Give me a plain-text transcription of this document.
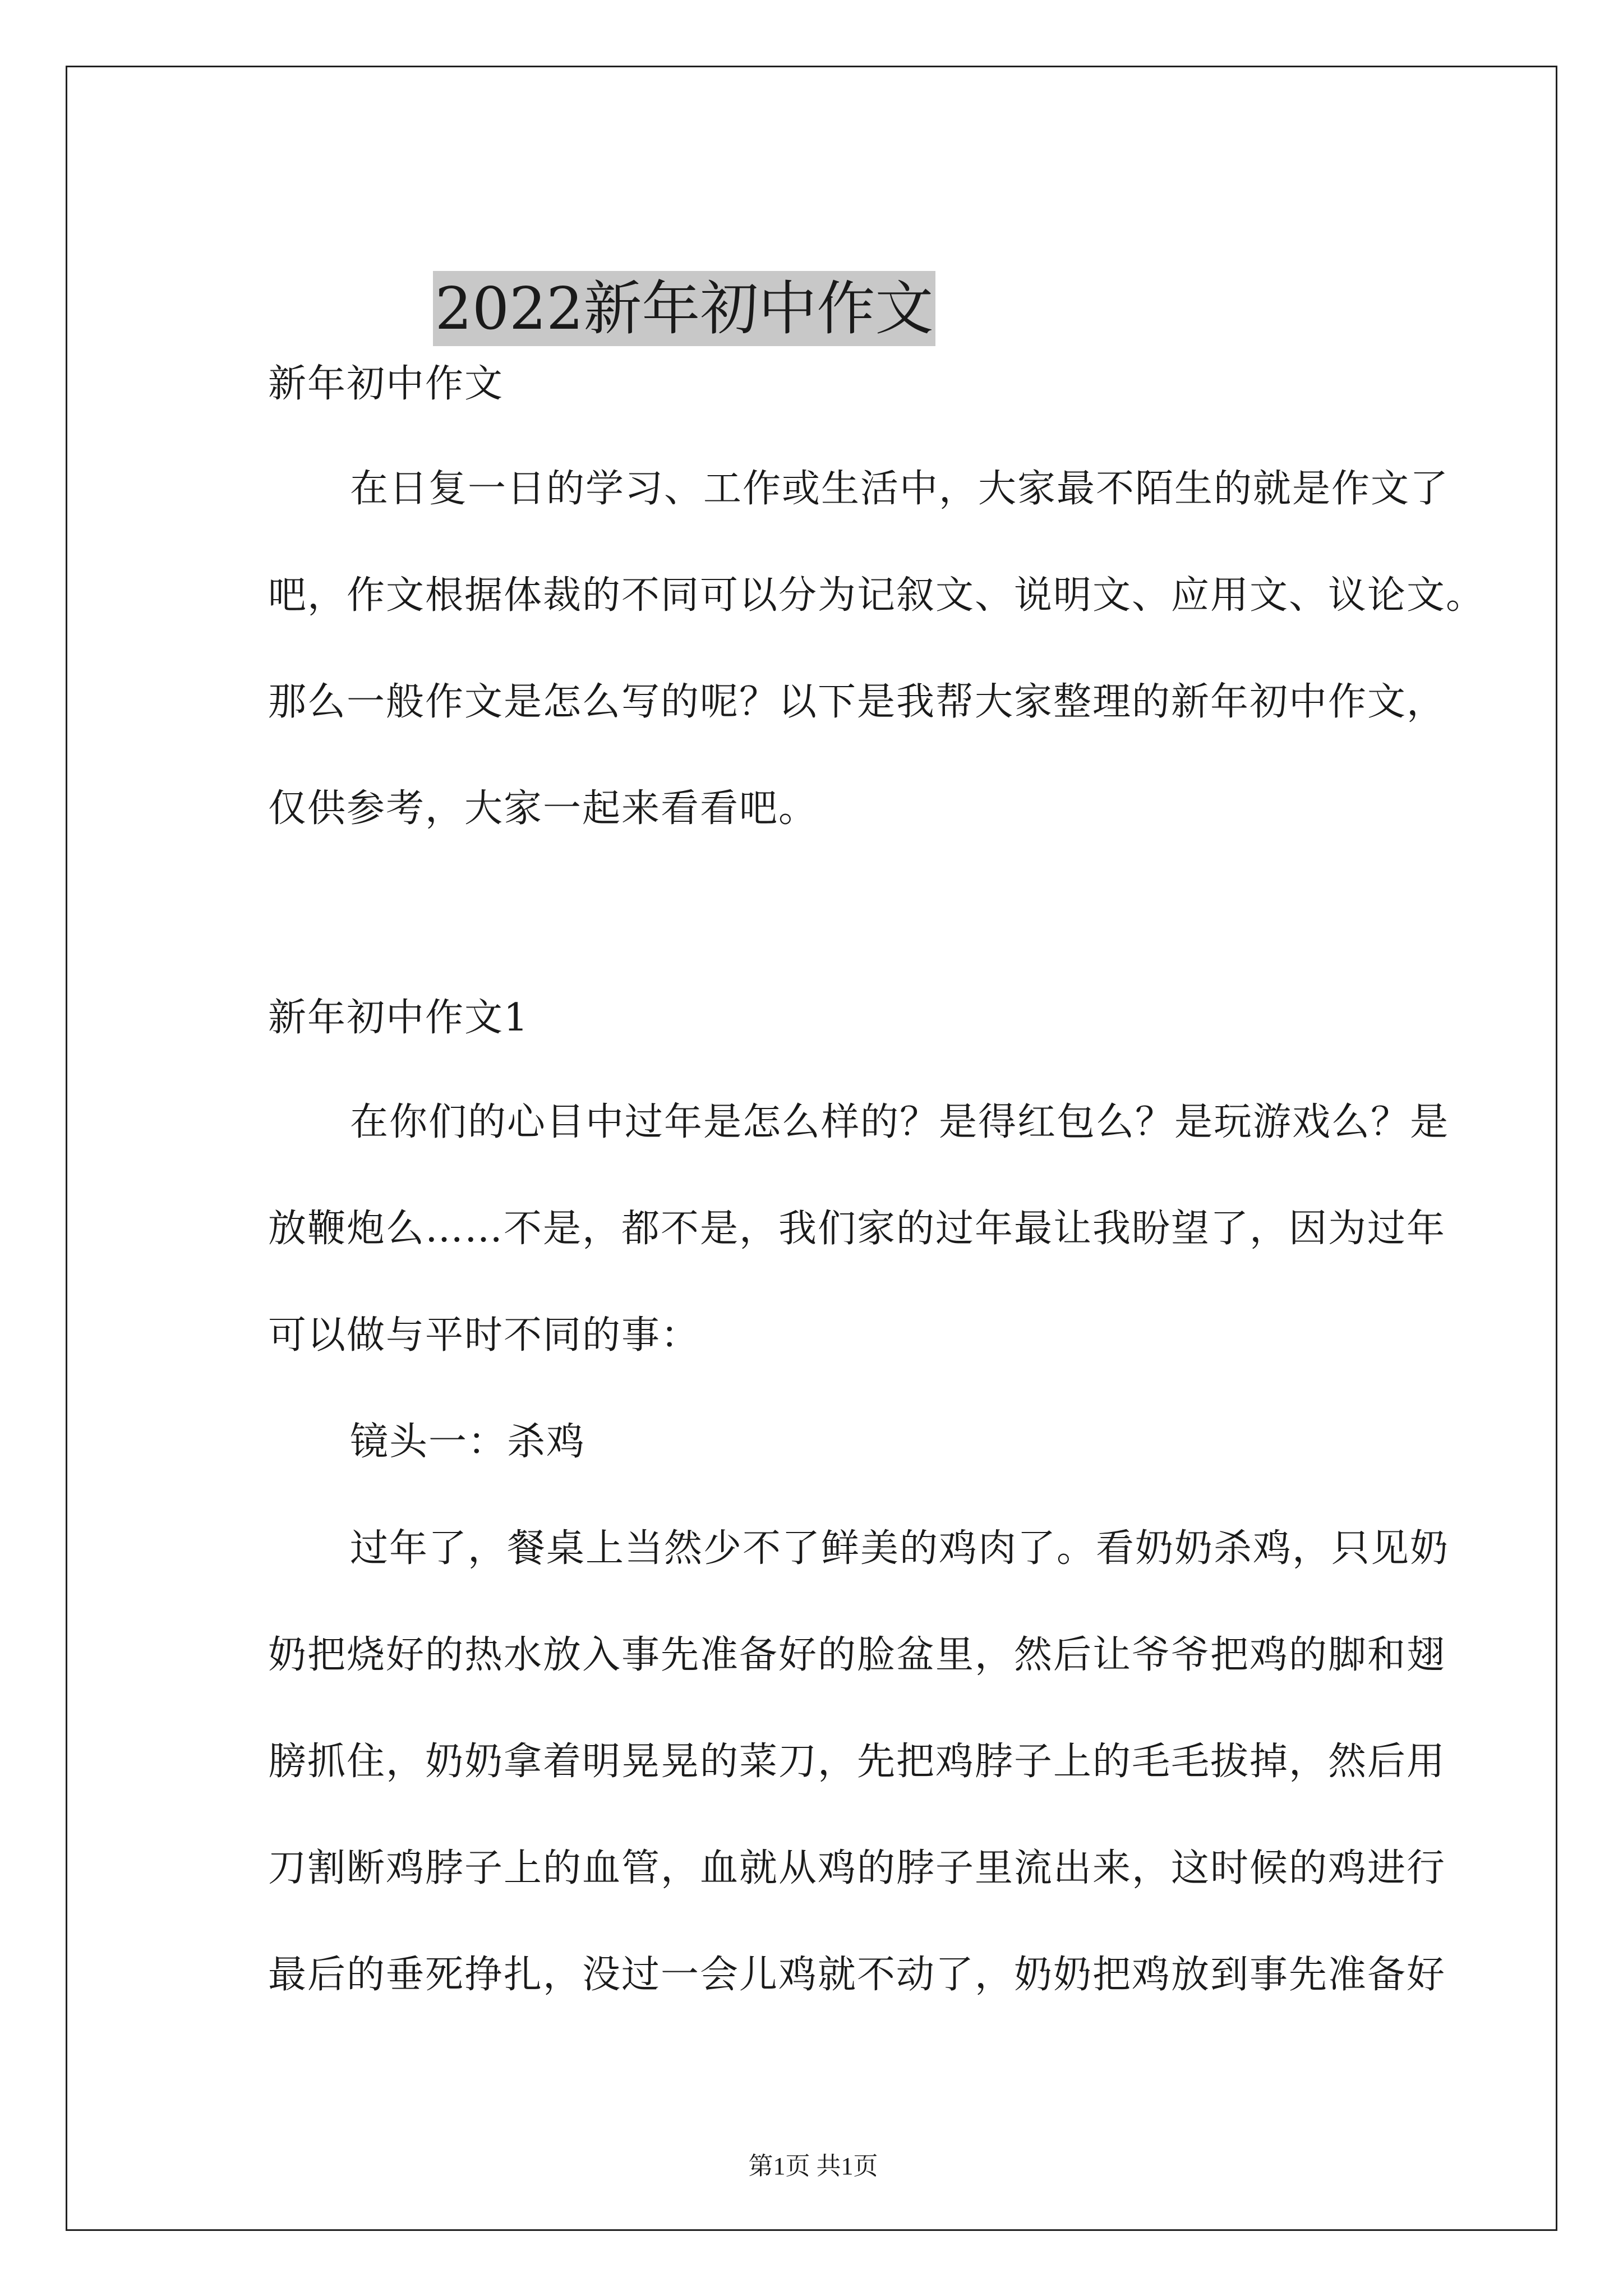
2022新年初中作文
新年初中作文
在日复一日的学习、工作或生活中，大家最不陌生的就是作文了
吧，作文根据体裁的不同可以分为记叙文、说明文、应用文、议论文。
那么一般作文是怎么写的呢？以下是我帮大家整理的新年初中作文，
仅供参考，大家一起来看看吧。
新年初中作文1
在你们的心目中过年是怎么样的？是得红包么？是玩游戏么？是
放鞭炮么……不是，都不是，我们家的过年最让我盼望了，因为过年
可以做与平时不同的事：
镜头一：杀鸡
过年了，餐桌上当然少不了鲜美的鸡肉了。看奶奶杀鸡，只见奶
奶把烧好的热水放入事先准备好的脸盆里，然后让爷爷把鸡的脚和翅
膀抓住，奶奶拿着明晃晃的菜刀，先把鸡脖子上的毛毛拔掉，然后用
刀割断鸡脖子上的血管，血就从鸡的脖子里流出来，这时候的鸡进行
最后的垂死挣扎，没过一会儿鸡就不动了，奶奶把鸡放到事先准备好
第1页 共1页
